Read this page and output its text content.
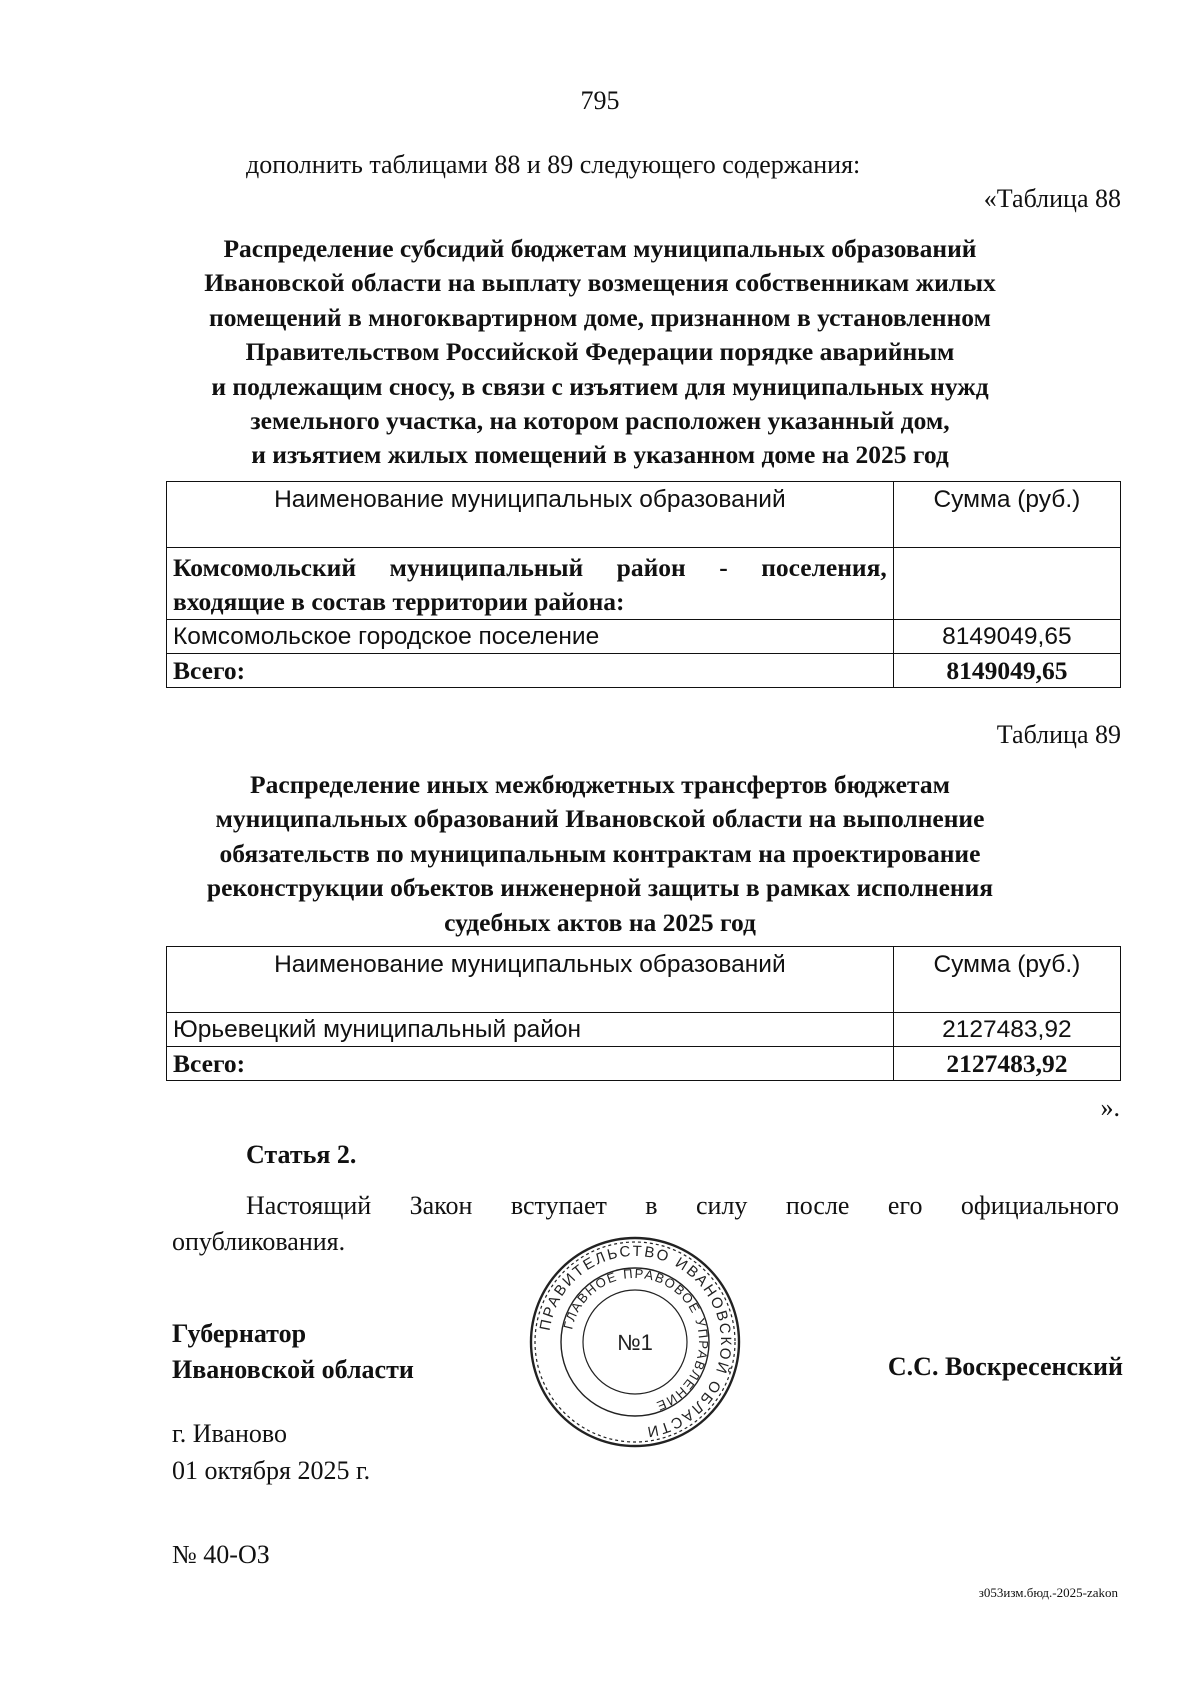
795
дополнить таблицами 88 и 89 следующего содержания:
«Таблица 88
Распределение субсидий бюджетам муниципальных образований
Ивановской области на выплату возмещения собственникам жилых
помещений в многоквартирном доме, признанном в установленном
Правительством Российской Федерации порядке аварийным
и подлежащим сносу, в связи с изъятием для муниципальных нужд
земельного участка, на котором расположен указанный дом,
и изъятием жилых помещений в указанном доме на 2025 год
Наименование муниципальных образований	Сумма (руб.)
Комсомольский муниципальный район - поселения, входящие в состав территории района:	
Комсомольское городское поселение	8149049,65
Всего:	8149049,65
Таблица 89
Распределение иных межбюджетных трансфертов бюджетам
муниципальных образований Ивановской области на выполнение
обязательств по муниципальным контрактам на проектирование
реконструкции объектов инженерной защиты в рамках исполнения
судебных актов на 2025 год
Наименование муниципальных образований	Сумма (руб.)
Юрьевецкий муниципальный район	2127483,92
Всего:	2127483,92
».
Статья 2.
Настоящий Закон вступает в силу после его официального
опубликования.
Губернатор
Ивановской области	С.С. Воскресенский
ПРАВИТЕЛЬСТВО ИВАНОВСКОЙ ОБЛАСТИ
ГЛАВНОЕ ПРАВОВОЕ УПРАВЛЕНИЕ
№1
г. Иваново
01 октября 2025 г.
№ 40-ОЗ
з053изм.бюд.-2025-zakon
